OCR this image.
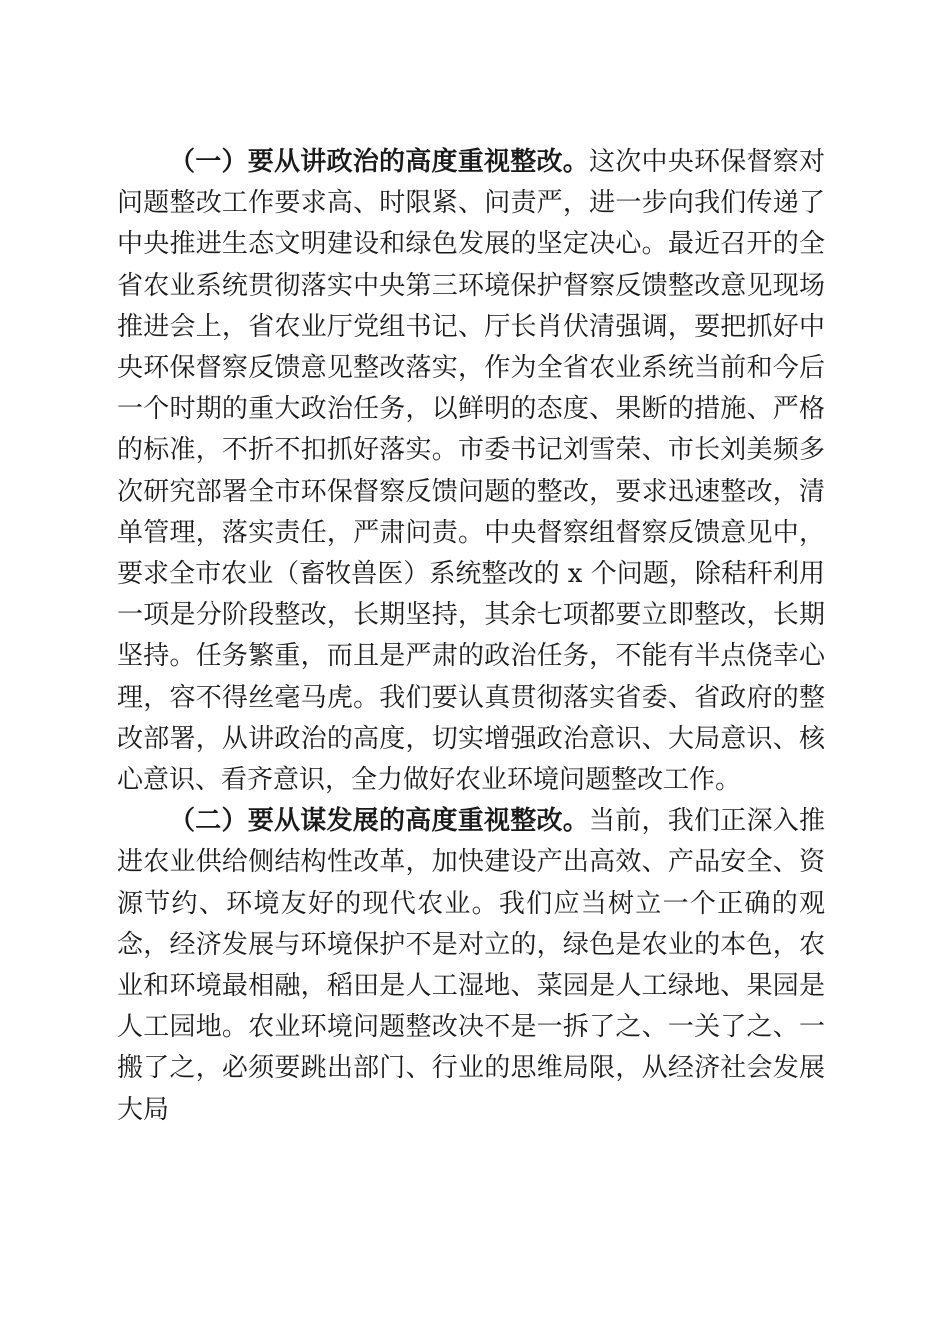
（一）要从讲政治的高度重视整改。这次中央环保督察对问题整改工作要求高、时限紧、问责严，进一步向我们传递了中央推进生态文明建设和绿色发展的坚定决心。最近召开的全省农业系统贯彻落实中央第三环境保护督察反馈整改意见现场推进会上，省农业厅党组书记、厅长肖伏清强调，要把抓好中央环保督察反馈意见整改落实，作为全省农业系统当前和今后一个时期的重大政治任务，以鲜明的态度、果断的措施、严格的标准，不折不扣抓好落实。市委书记刘雪荣、市长刘美频多次研究部署全市环保督察反馈问题的整改，要求迅速整改，清单管理，落实责任，严肃问责。中央督察组督察反馈意见中，要求全市农业（畜牧兽医）系统整改的 x 个问题，除秸秆利用一项是分阶段整改，长期坚持，其余七项都要立即整改，长期坚持。任务繁重，而且是严肃的政治任务，不能有半点侥幸心理，容不得丝毫马虎。我们要认真贯彻落实省委、省政府的整改部署，从讲政治的高度，切实增强政治意识、大局意识、核心意识、看齐意识，全力做好农业环境问题整改工作。

（二）要从谋发展的高度重视整改。当前，我们正深入推进农业供给侧结构性改革，加快建设产出高效、产品安全、资源节约、环境友好的现代农业。我们应当树立一个正确的观念，经济发展与环境保护不是对立的，绿色是农业的本色，农业和环境最相融，稻田是人工湿地、菜园是人工绿地、果园是人工园地。农业环境问题整改决不是一拆了之、一关了之、一搬了之，必须要跳出部门、行业的思维局限，从经济社会发展大局
